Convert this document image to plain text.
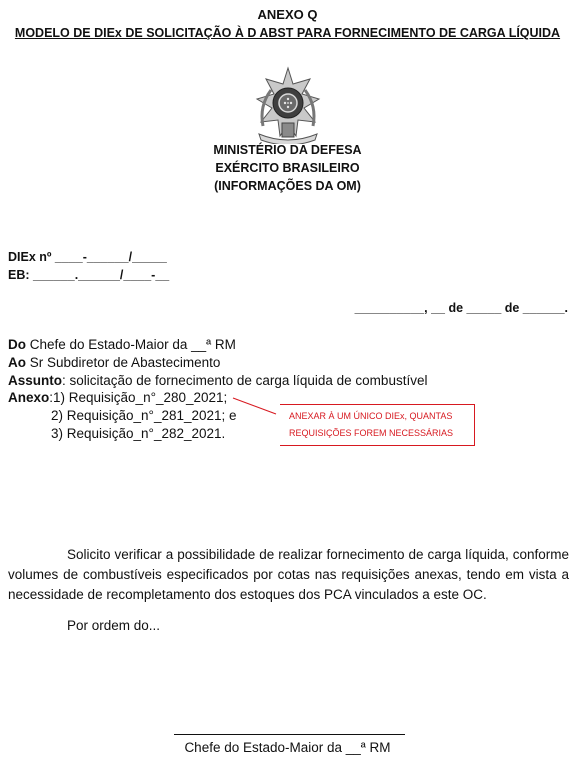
ANEXO Q
MODELO DE DIEx DE SOLICITAÇÃO À D ABST PARA FORNECIMENTO DE CARGA LÍQUIDA
MINISTÉRIO DA DEFESA
EXÉRCITO BRASILEIRO
(INFORMAÇÕES DA OM)
DIEx nº ____-______/_____
EB: ______.______/____-__
__________, __ de _____ de ______.
Do Chefe do Estado-Maior da __ª RM
Ao Sr Subdiretor de Abastecimento
Assunto: solicitação de fornecimento de carga líquida de combustível
Anexo:1) Requisição_n°_280_2021;
2) Requisição_n°_281_2021; e
3) Requisição_n°_282_2021.
ANEXAR À UM ÚNICO DIEx, QUANTAS
REQUISIÇÕES FOREM NECESSÁRIAS
Solicito verificar a possibilidade de realizar fornecimento de carga líquida, conforme volumes de combustíveis especificados por cotas nas requisições anexas, tendo em vista a necessidade de recompletamento dos estoques dos PCA vinculados a este OC.
Por ordem do...
Chefe do Estado-Maior da __ª RM
